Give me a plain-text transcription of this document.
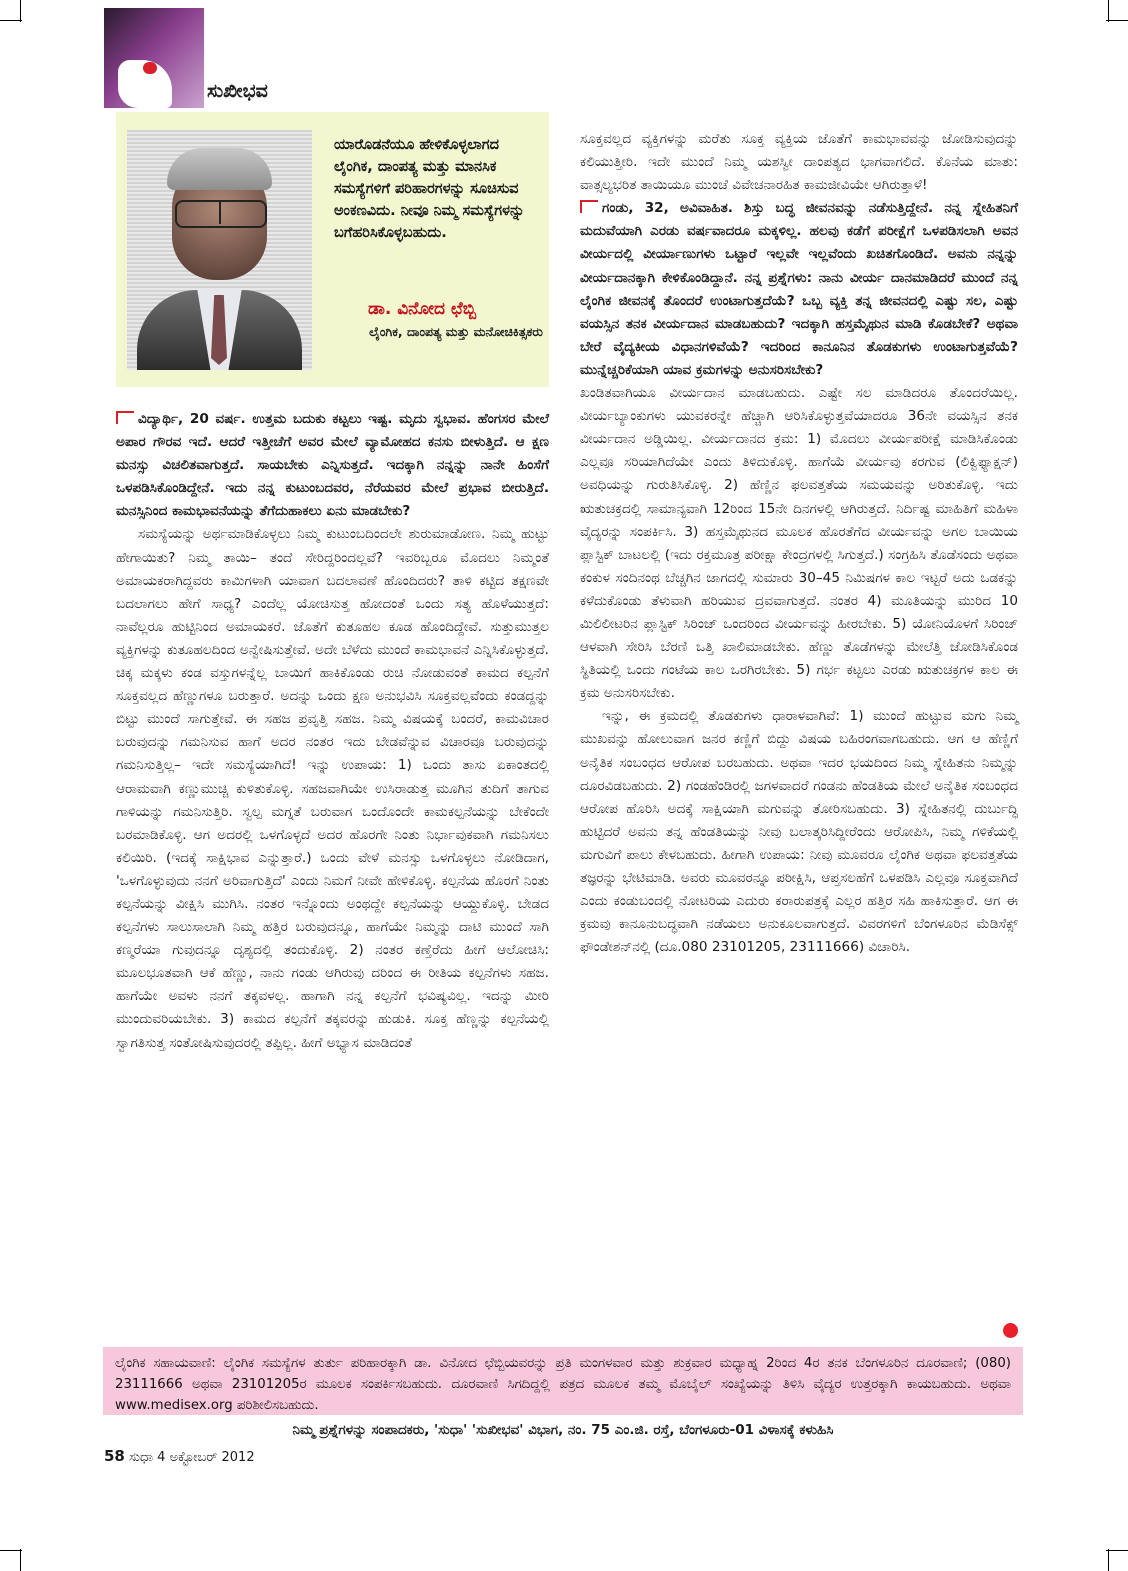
ಸುಖೀಭವ

ಯಾರೊಡನೆಯೂ ಹೇಳಿಕೊಳ್ಳಲಾಗದ ಲೈಂಗಿಕ, ದಾಂಪತ್ಯ ಮತ್ತು ಮಾನಸಿಕ ಸಮಸ್ಯೆಗಳಿಗೆ ಪರಿಹಾರಗಳನ್ನು ಸೂಚಿಸುವ ಅಂಕಣವಿದು. ನೀವೂ ನಿಮ್ಮ ಸಮಸ್ಯೆಗಳನ್ನು ಬಗೆಹರಿಸಿಕೊಳ್ಳಬಹುದು.

ಡಾ. ವಿನೋದ ಛೆಬ್ಬಿ

ಲೈಂಗಿಕ, ದಾಂಪತ್ಯ ಮತ್ತು ಮನೋಚಿಕಿತ್ಸಕರು

ವಿದ್ಯಾರ್ಥಿ, 20 ವರ್ಷ. ಉತ್ತಮ ಬದುಕು ಕಟ್ಟಲು ಇಷ್ಟ. ಮೃದು ಸ್ವಭಾವ. ಹೆಂಗಸರ ಮೇಲೆ ಅಪಾರ ಗೌರವ ಇದೆ. ಆದರೆ ಇತ್ತೀಚೆಗೆ ಅವರ ಮೇಲೆ ವ್ಯಾಮೋಹದ ಕನಸು ಬೀಳುತ್ತಿದೆ. ಆ ಕ್ಷಣ ಮನಸ್ಸು ವಿಚಲಿತವಾಗುತ್ತದೆ. ಸಾಯಬೇಕು ಎನ್ನಿಸುತ್ತದೆ. ಇದಕ್ಕಾಗಿ ನನ್ನನ್ನು ನಾನೇ ಹಿಂಸೆಗೆ ಒಳಪಡಿಸಿಕೊಂಡಿದ್ದೇನೆ. ಇದು ನನ್ನ ಕುಟುಂಬದವರ, ನೆರೆಯವರ ಮೇಲೆ ಪ್ರಭಾವ ಬೀರುತ್ತಿದೆ. ಮನಸ್ಸಿನಿಂದ ಕಾಮಭಾವನೆಯನ್ನು ತೆಗೆದುಹಾಕಲು ಏನು ಮಾಡಬೇಕು?

ಸಮಸ್ಯೆಯನ್ನು ಅರ್ಥಮಾಡಿಕೊಳ್ಳಲು ನಿಮ್ಮ ಕುಟುಂಬದಿಂದಲೇ ಶುರುಮಾಡೋಣ. ನಿಮ್ಮ ಹುಟ್ಟು ಹೇಗಾಯಿತು? ನಿಮ್ಮ ತಾಯಿ– ತಂದೆ ಸೇರಿದ್ದರಿಂದಲ್ಲವೆ? ಇವರಿಬ್ಬರೂ ಮೊದಲು ನಿಮ್ಮಂತೆ ಅಮಾಯಕರಾಗಿದ್ದವರು ಕಾಮಿಗಳಾಗಿ ಯಾವಾಗ ಬದಲಾವಣೆ ಹೊಂದಿದರು? ತಾಳಿ ಕಟ್ಟಿದ ತಕ್ಷಣವೇ ಬದಲಾಗಲು ಹೇಗೆ ಸಾಧ್ಯ? ಎಂದೆಲ್ಲ ಯೋಚಿಸುತ್ತ ಹೋದಂತೆ ಒಂದು ಸತ್ಯ ಹೊಳೆಯುತ್ತದೆ: ನಾವೆಲ್ಲರೂ ಹುಟ್ಟಿನಿಂದ ಅಮಾಯಕರೆ. ಜೊತೆಗೆ ಕುತೂಹಲ ಕೂಡ ಹೊಂದಿದ್ದೇವೆ. ಸುತ್ತುಮುತ್ತಲ ವ್ಯಕ್ತಿಗಳನ್ನು ಕುತೂಹಲದಿಂದ ಅನ್ವೇಷಿಸುತ್ತೇವೆ. ಅದೇ ಬೆಳೆದು ಮುಂದೆ ಕಾಮಭಾವನೆ ಎನ್ನಿಸಿಕೊಳ್ಳುತ್ತದೆ. ಚಿಕ್ಕ ಮಕ್ಕಳು ಕಂಡ ವಸ್ತುಗಳನ್ನೆಲ್ಲ ಬಾಯಿಗೆ ಹಾಕಿಕೊಂಡು ರುಚಿ ನೋಡುವಂತೆ ಕಾಮದ ಕಲ್ಪನೆಗೆ ಸೂಕ್ತವಲ್ಲದ ಹೆಣ್ಣುಗಳೂ ಬರುತ್ತಾರೆ. ಅದನ್ನು ಒಂದು ಕ್ಷಣ ಅನುಭವಿಸಿ ಸೂಕ್ತವಲ್ಲವೆಂದು ಕಂಡದ್ದನ್ನು ಬಿಟ್ಟು ಮುಂದೆ ಸಾಗುತ್ತೇವೆ. ಈ ಸಹಜ ಪ್ರವೃತ್ತಿ ಸಹಜ. ನಿಮ್ಮ ವಿಷಯಕ್ಕೆ ಬಂದರೆ, ಕಾಮವಿಚಾರ ಬರುವುದನ್ನು ಗಮನಿಸುವ ಹಾಗೆ ಅದರ ನಂತರ ಇದು ಬೇಡವೆನ್ನುವ ವಿಚಾರವೂ ಬರುವುದನ್ನು ಗಮನಿಸುತ್ತಿಲ್ಲ– ಇದೇ ಸಮಸ್ಯೆಯಾಗಿದೆ! ಇನ್ನು ಉಪಾಯ: 1) ಒಂದು ತಾಸು ಏಕಾಂತದಲ್ಲಿ ಆರಾಮವಾಗಿ ಕಣ್ಣುಮುಚ್ಚಿ ಕುಳಿತುಕೊಳ್ಳಿ. ಸಹಜವಾಗಿಯೇ ಉಸಿರಾಡುತ್ತ ಮೂಗಿನ ತುದಿಗೆ ತಾಗುವ ಗಾಳಿಯನ್ನು ಗಮನಿಸುತ್ತಿರಿ. ಸ್ವಲ್ಪ ಮಗ್ನತೆ ಬರುವಾಗ ಒಂದೊಂದೇ ಕಾಮಕಲ್ಪನೆಯನ್ನು ಬೇಕೆಂದೇ ಬರಮಾಡಿಕೊಳ್ಳಿ. ಆಗ ಅದರಲ್ಲಿ ಒಳಗೊಳ್ಳದೆ ಅದರ ಹೊರಗೇ ನಿಂತು ನಿರ್ಭಾವುಕವಾಗಿ ಗಮನಿಸಲು ಕಲಿಯಿರಿ. (ಇದಕ್ಕೆ ಸಾಕ್ಷಿಭಾವ ಎನ್ನುತ್ತಾರೆ.) ಒಂದು ವೇಳೆ ಮನಸ್ಸು ಒಳಗೊಳ್ಳಲು ನೋಡಿದಾಗ, 'ಒಳಗೊಳ್ಳುವುದು ನನಗೆ ಅರಿವಾಗುತ್ತಿದೆ' ಎಂದು ನಿಮಗೆ ನೀವೇ ಹೇಳಿಕೊಳ್ಳಿ. ಕಲ್ಪನೆಯ ಹೊರಗೆ ನಿಂತು ಕಲ್ಪನೆಯನ್ನು ವೀಕ್ಷಿಸಿ ಮುಗಿಸಿ. ನಂತರ ಇನ್ನೊಂದು ಅಂಥದ್ದೇ ಕಲ್ಪನೆಯನ್ನು ಆಯ್ದುಕೊಳ್ಳಿ. ಬೇಡದ ಕಲ್ಪನೆಗಳು ಸಾಲುಸಾಲಾಗಿ ನಿಮ್ಮ ಹತ್ತಿರ ಬರುವುದನ್ನೂ, ಹಾಗೆಯೇ ನಿಮ್ಮನ್ನು ದಾಟಿ ಮುಂದೆ ಸಾಗಿ ಕಣ್ಮರೆಯಾ ಗುವುದನ್ನೂ ದೃಶ್ಯದಲ್ಲಿ ತಂದುಕೊಳ್ಳಿ. 2) ನಂತರ ಕಣ್ತೆರೆದು ಹೀಗೆ ಆಲೋಚಿಸಿ: ಮೂಲಭೂತವಾಗಿ ಆಕೆ ಹೆಣ್ಣು, ನಾನು ಗಂಡು ಆಗಿರುವು ದರಿಂದ ಈ ರೀತಿಯ ಕಲ್ಪನೆಗಳು ಸಹಜ. ಹಾಗೆಯೇ ಅವಳು ನನಗೆ ತಕ್ಕವಳಲ್ಲ. ಹಾಗಾಗಿ ನನ್ನ ಕಲ್ಪನೆಗೆ ಭವಿಷ್ಯವಿಲ್ಲ. ಇದನ್ನು ಮೀರಿ ಮುಂದುವರಿಯಬೇಕು. 3) ಕಾಮದ ಕಲ್ಪನೆಗೆ ತಕ್ಕವರನ್ನು ಹುಡುಕಿ. ಸೂಕ್ತ ಹೆಣ್ಣನ್ನು ಕಲ್ಪನೆಯಲ್ಲಿ ಸ್ವಾಗತಿಸುತ್ತ ಸಂತೋಷಿಸುವುದರಲ್ಲಿ ತಪ್ಪಿಲ್ಲ. ಹೀಗೆ ಅಭ್ಯಾಸ ಮಾಡಿದಂತೆ

ಸೂಕ್ತವಲ್ಲದ ವ್ಯಕ್ತಿಗಳನ್ನು ಮರೆತು ಸೂಕ್ತ ವ್ಯಕ್ತಿಯ ಜೊತೆಗೆ ಕಾಮಭಾವವನ್ನು ಜೋಡಿಸುವುದನ್ನು ಕಲಿಯುತ್ತೀರಿ. ಇದೇ ಮುಂದೆ ನಿಮ್ಮ ಯಶಸ್ವೀ ದಾಂಪತ್ಯದ ಭಾಗವಾಗಲಿದೆ. ಕೊನೆಯ ಮಾತು: ವಾತ್ಸಲ್ಯಭರಿತ ತಾಯಿಯೂ ಮುಂಚೆ ವಿವೇಚನಾರಹಿತ ಕಾಮಜೀವಿಯೇ ಆಗಿರುತ್ತಾಳೆ!

ಗಂಡು, 32, ಅವಿವಾಹಿತ. ಶಿಸ್ತು ಬದ್ಧ ಜೀವನವನ್ನು ನಡೆಸುತ್ತಿದ್ದೇನೆ. ನನ್ನ ಸ್ನೇಹಿತನಿಗೆ ಮದುವೆಯಾಗಿ ಎರಡು ವರ್ಷವಾದರೂ ಮಕ್ಕಳಿಲ್ಲ. ಹಲವು ಕಡೆಗೆ ಪರೀಕ್ಷೆಗೆ ಒಳಪಡಿಸಲಾಗಿ ಅವನ ವೀರ್ಯದಲ್ಲಿ ವೀರ್ಯಾಣುಗಳು ಒಟ್ಟಾರೆ ಇಲ್ಲವೇ ಇಲ್ಲವೆಂದು ಖಚಿತಗೊಂಡಿದೆ. ಅವನು ನನ್ನನ್ನು ವೀರ್ಯದಾನಕ್ಕಾಗಿ ಕೇಳಿಕೊಂಡಿದ್ದಾನೆ. ನನ್ನ ಪ್ರಶ್ನೆಗಳು: ನಾನು ವೀರ್ಯ ದಾನಮಾಡಿದರೆ ಮುಂದೆ ನನ್ನ ಲೈಂಗಿಕ ಜೀವನಕ್ಕೆ ತೊಂದರೆ ಉಂಟಾಗುತ್ತದೆಯೆ? ಒಬ್ಬ ವ್ಯಕ್ತಿ ತನ್ನ ಜೀವನದಲ್ಲಿ ಎಷ್ಟು ಸಲ, ಎಷ್ಟು ವಯಸ್ಸಿನ ತನಕ ವೀರ್ಯದಾನ ಮಾಡಬಹುದು? ಇದಕ್ಕಾಗಿ ಹಸ್ತಮೈಥುನ ಮಾಡಿ ಕೊಡಬೇಕೆ? ಅಥವಾ ಬೇರೆ ವೈದ್ಯಕೀಯ ವಿಧಾನಗಳಿವೆಯೆ? ಇದರಿಂದ ಕಾನೂನಿನ ತೊಡಕುಗಳು ಉಂಟಾಗುತ್ತವೆಯೆ? ಮುನ್ನೆಚ್ಚರಿಕೆಯಾಗಿ ಯಾವ ಕ್ರಮಗಳನ್ನು ಅನುಸರಿಸಬೇಕು?

ಖಂಡಿತವಾಗಿಯೂ ವೀರ್ಯದಾನ ಮಾಡಬಹುದು. ಎಷ್ಟೇ ಸಲ ಮಾಡಿದರೂ ತೊಂದರೆಯಿಲ್ಲ. ವೀರ್ಯಬ್ಯಾಂಕುಗಳು ಯುವಕರನ್ನೇ ಹೆಚ್ಚಾಗಿ ಆರಿಸಿಕೊಳ್ಳುತ್ತವೆಯಾದರೂ 36ನೇ ವಯಸ್ಸಿನ ತನಕ ವೀರ್ಯದಾನ ಅಡ್ಡಿಯಿಲ್ಲ. ವೀರ್ಯದಾನದ ಕ್ರಮ: 1) ಮೊದಲು ವೀರ್ಯಪರೀಕ್ಷೆ ಮಾಡಿಸಿಕೊಂಡು ಎಲ್ಲವೂ ಸರಿಯಾಗಿದೆಯೇ ಎಂದು ತಿಳಿದುಕೊಳ್ಳಿ. ಹಾಗೆಯೆ ವೀರ್ಯವು ಕರಗುವ (ಲಿಕ್ವಿಫ್ಯಾಕ್ಷನ್) ಅವಧಿಯನ್ನು ಗುರುತಿಸಿಕೊಳ್ಳಿ. 2) ಹೆಣ್ಣಿನ ಫಲವತ್ತತೆಯ ಸಮಯವನ್ನು ಅರಿತುಕೊಳ್ಳಿ. ಇದು ಋತುಚಕ್ರದಲ್ಲಿ ಸಾಮಾನ್ಯವಾಗಿ 12ರಿಂದ 15ನೇ ದಿನಗಳಲ್ಲಿ ಆಗಿರುತ್ತದೆ. ನಿರ್ದಿಷ್ಟ ಮಾಹಿತಿಗೆ ಮಹಿಳಾ ವೈದ್ಯರನ್ನು ಸಂಪರ್ಕಿಸಿ. 3) ಹಸ್ತಮೈಥುನದ ಮೂಲಕ ಹೊರತೆಗೆದ ವೀರ್ಯವನ್ನು ಅಗಲ ಬಾಯಿಯ ಪ್ಲಾಸ್ಟಿಕ್ ಬಾಟಲಲ್ಲಿ (ಇದು ರಕ್ತಮೂತ್ರ ಪರೀಕ್ಷಾ ಕೇಂದ್ರಗಳಲ್ಲಿ ಸಿಗುತ್ತದೆ.) ಸಂಗ್ರಹಿಸಿ ತೊಡೆಸಂದು ಅಥವಾ ಕಂಕುಳ ಸಂದಿನಂಥ ಬೆಚ್ಚಗಿನ ಜಾಗದಲ್ಲಿ ಸುಮಾರು 30–45 ನಿಮಿಷಗಳ ಕಾಲ ಇಟ್ಟರೆ ಅದು ಒಡಕನ್ನು ಕಳೆದುಕೊಂಡು ತೆಳುವಾಗಿ ಹರಿಯುವ ದ್ರವವಾಗುತ್ತದೆ. ನಂತರ 4) ಮೂತಿಯನ್ನು ಮುರಿದ 10 ಮಿಲಿಲೀಟರಿನ ಪ್ಲಾಸ್ಟಿಕ್ ಸಿರಿಂಜ್ ಒಂದರಿಂದ ವೀರ್ಯವನ್ನು ಹೀರಬೇಕು. 5) ಯೋನಿಯೊಳಗೆ ಸಿರಿಂಜ್ ಆಳವಾಗಿ ಸೇರಿಸಿ ಬೆರಣಿ ಒತ್ತಿ ಖಾಲಿಮಾಡಬೇಕು. ಹೆಣ್ಣು ತೊಡೆಗಳನ್ನು ಮೇಲೆತ್ತಿ ಜೋಡಿಸಿಕೊಂಡ ಸ್ಥಿತಿಯಲ್ಲಿ ಒಂದು ಗಂಟೆಯ ಕಾಲ ಒರಗಿರಬೇಕು. 5) ಗರ್ಭ ಕಟ್ಟಲು ಎರಡು ಋತುಚಕ್ರಗಳ ಕಾಲ ಈ ಕ್ರಮ ಅನುಸರಿಸಬೇಕು.

ಇನ್ನು, ಈ ಕ್ರಮದಲ್ಲಿ ತೊಡಕುಗಳು ಧಾರಾಳವಾಗಿವೆ: 1) ಮುಂದೆ ಹುಟ್ಟುವ ಮಗು ನಿಮ್ಮ ಮುಖವನ್ನು ಹೋಲುವಾಗ ಜನರ ಕಣ್ಣಿಗೆ ಬಿದ್ದು ವಿಷಯ ಬಹಿರಂಗವಾಗಬಹುದು. ಆಗ ಆ ಹೆಣ್ಣಿಗೆ ಅನೈತಿಕ ಸಂಬಂಧದ ಆರೋಪ ಬರಬಹುದು. ಅಥವಾ ಇದರ ಭಯದಿಂದ ನಿಮ್ಮ ಸ್ನೇಹಿತನು ನಿಮ್ಮನ್ನು ದೂರವಿಡಬಹುದು. 2) ಗಂಡಹೆಂಡಿರಲ್ಲಿ ಜಗಳವಾದರೆ ಗಂಡನು ಹೆಂಡತಿಯ ಮೇಲೆ ಅನೈತಿಕ ಸಂಬಂಧದ ಆರೋಪ ಹೊರಿಸಿ ಅದಕ್ಕೆ ಸಾಕ್ಷಿಯಾಗಿ ಮಗುವನ್ನು ತೋರಿಸಬಹುದು. 3) ಸ್ನೇಹಿತನಲ್ಲಿ ದುರ್ಬುದ್ಧಿ ಹುಟ್ಟಿದರೆ ಅವನು ತನ್ನ ಹೆಂಡತಿಯನ್ನು ನೀವು ಬಲಾತ್ಕರಿಸಿದ್ದೀರೆಂದು ಆರೋಪಿಸಿ, ನಿಮ್ಮ ಗಳಿಕೆಯಲ್ಲಿ ಮಗುವಿಗೆ ಪಾಲು ಕೇಳಬಹುದು. ಹೀಗಾಗಿ ಉಪಾಯ: ನೀವು ಮೂವರೂ ಲೈಂಗಿಕ ಅಥವಾ ಫಲವತ್ತತೆಯ ತಜ್ಞರನ್ನು ಭೇಟಿಮಾಡಿ. ಅವರು ಮೂವರನ್ನೂ ಪರೀಕ್ಷಿಸಿ, ಆಪ್ತಸಲಹೆಗೆ ಒಳಪಡಿಸಿ ಎಲ್ಲವೂ ಸೂಕ್ತವಾಗಿದೆ ಎಂದು ಕಂಡುಬಂದಲ್ಲಿ ನೋಟರಿಯ ಎದುರು ಕರಾರುಪತ್ರಕ್ಕೆ ಎಲ್ಲರ ಹತ್ತಿರ ಸಹಿ ಹಾಕಿಸುತ್ತಾರೆ. ಆಗ ಈ ಕ್ರಮವು ಕಾನೂನುಬದ್ಧವಾಗಿ ನಡೆಯಲು ಅನುಕೂಲವಾಗುತ್ತದೆ. ವಿವರಗಳಿಗೆ ಬೆಂಗಳೂರಿನ ಮೆಡಿಸೆಕ್ಸ್ ಫೌಂಡೇಶನ್‌ನಲ್ಲಿ (ದೂ.080 23101205, 23111666) ವಿಚಾರಿಸಿ.

ಲೈಂಗಿಕ ಸಹಾಯವಾಣಿ: ಲೈಂಗಿಕ ಸಮಸ್ಯೆಗಳ ತುರ್ತು ಪರಿಹಾರಕ್ಕಾಗಿ ಡಾ. ವಿನೋದ ಛೆಬ್ಬಿಯವರನ್ನು ಪ್ರತಿ ಮಂಗಳವಾರ ಮತ್ತು ಶುಕ್ರವಾರ ಮಧ್ಯಾಹ್ನ 2ರಿಂದ 4ರ ತನಕ ಬೆಂಗಳೂರಿನ ದೂರವಾಣಿ; (080) 23111666 ಅಥವಾ 23101205ರ ಮೂಲಕ ಸಂಪರ್ಕಿಸಬಹುದು. ದೂರವಾಣಿ ಸಿಗದಿದ್ದಲ್ಲಿ ಪತ್ರದ ಮೂಲಕ ತಮ್ಮ ಮೊಬೈಲ್ ಸಂಖ್ಯೆಯನ್ನು ತಿಳಿಸಿ ವೈದ್ಯರ ಉತ್ತರಕ್ಕಾಗಿ ಕಾಯಬಹುದು. ಅಥವಾ www.medisex.org ಪರಿಶೀಲಿಸಬಹುದು.

ನಿಮ್ಮ ಪ್ರಶ್ನೆಗಳನ್ನು ಸಂಪಾದಕರು, 'ಸುಧಾ' 'ಸುಖೀಭವ' ವಿಭಾಗ, ನಂ. 75 ಎಂ.ಜಿ. ರಸ್ತೆ, ಬೆಂಗಳೂರು-01 ವಿಳಾಸಕ್ಕೆ ಕಳುಹಿಸಿ

58 ಸುಧಾ 4 ಅಕ್ಟೋಬರ್ 2012
